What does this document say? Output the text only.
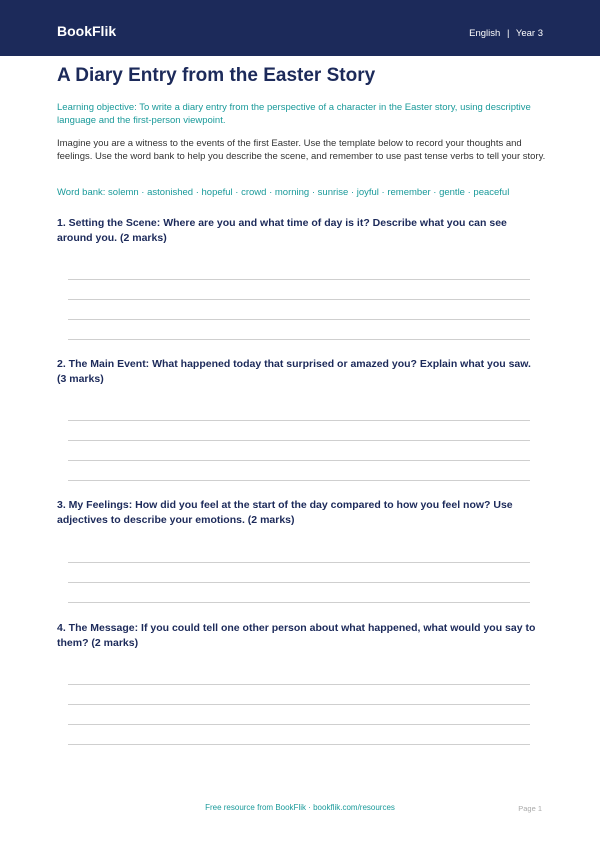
BookFlik	English | Year 3
A Diary Entry from the Easter Story
Learning objective: To write a diary entry from the perspective of a character in the Easter story, using descriptive language and the first-person viewpoint.
Imagine you are a witness to the events of the first Easter. Use the template below to record your thoughts and feelings. Use the word bank to help you describe the scene, and remember to use past tense verbs to tell your story.
Word bank: solemn · astonished · hopeful · crowd · morning · sunrise · joyful · remember · gentle · peaceful
1. Setting the Scene: Where are you and what time of day is it? Describe what you can see around you. (2 marks)
2. The Main Event: What happened today that surprised or amazed you? Explain what you saw. (3 marks)
3. My Feelings: How did you feel at the start of the day compared to how you feel now? Use adjectives to describe your emotions. (2 marks)
4. The Message: If you could tell one other person about what happened, what would you say to them? (2 marks)
Free resource from BookFlik · bookflik.com/resources	Page 1
